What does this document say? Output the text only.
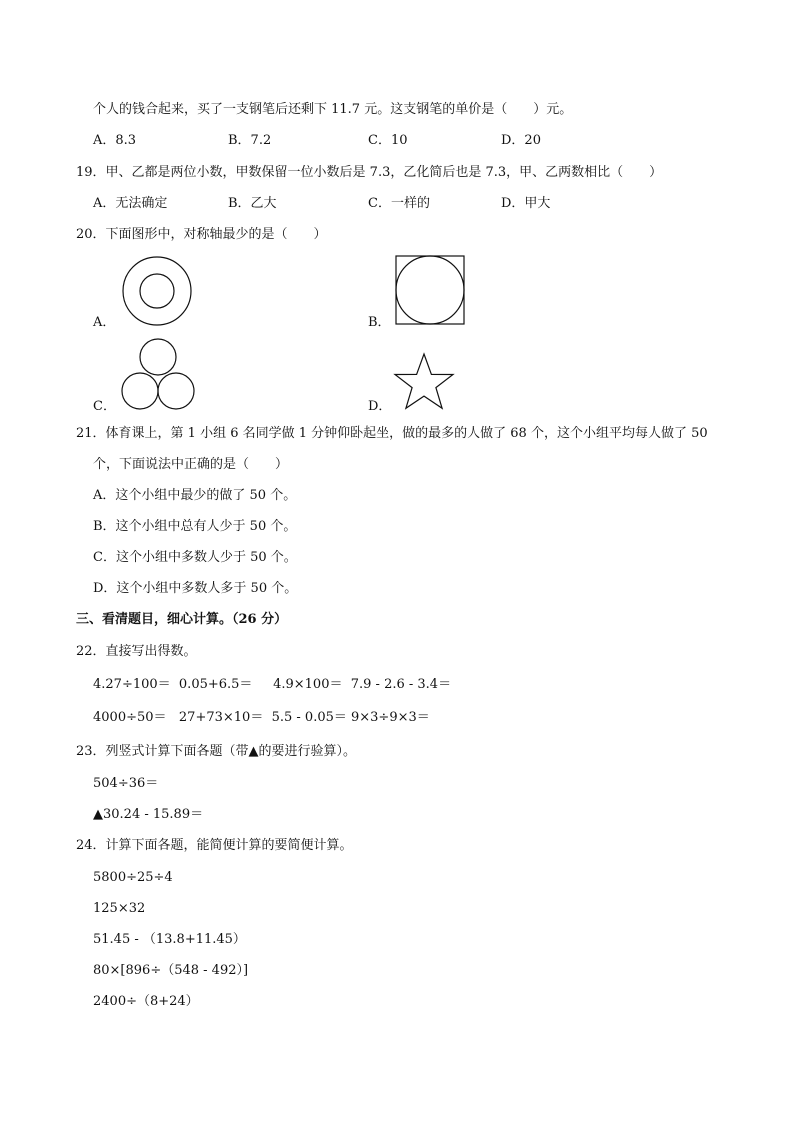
个人的钱合起来，买了一支钢笔后还剩下 11.7 元。这支钢笔的单价是（　　）元。
A．8.3	B．7.2	C．10	D．20
19．甲、乙都是两位小数，甲数保留一位小数后是 7.3，乙化简后也是 7.3，甲、乙两数相比（　　）
A．无法确定	B．乙大	C．一样的	D．甲大
20．下面图形中，对称轴最少的是（　　）
A．	B．
C．	D．
21．体育课上，第 1 小组 6 名同学做 1 分钟仰卧起坐，做的最多的人做了 68 个，这个小组平均每人做了 50
个，下面说法中正确的是（　　）
A．这个小组中最少的做了 50 个。
B．这个小组中总有人少于 50 个。
C．这个小组中多数人少于 50 个。
D．这个小组中多数人多于 50 个。
三、看清题目，细心计算。（26 分）
22．直接写出得数。
4.27÷100＝  0.05+6.5＝     4.9×100＝  7.9 - 2.6 - 3.4＝
4000÷50＝   27+73×10＝  5.5 - 0.05＝ 9×3÷9×3＝
23．列竖式计算下面各题（带▲的要进行验算）。
504÷36＝
▲30.24 - 15.89＝
24．计算下面各题，能简便计算的要简便计算。
5800÷25÷4
125×32
51.45 - （13.8+11.45）
80×[896÷（548 - 492）]
2400÷（8+24）
